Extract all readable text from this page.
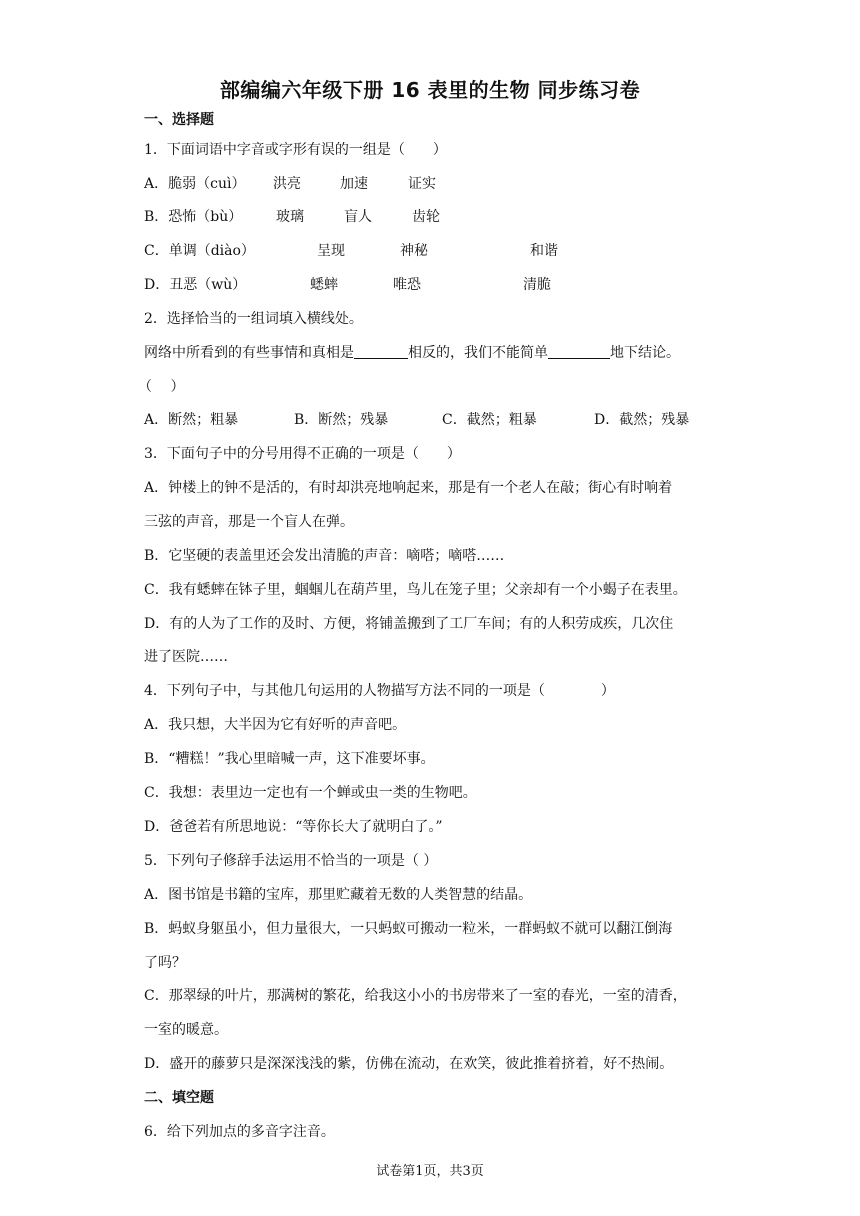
部编编六年级下册 16 表里的生物 同步练习卷
一、选择题
1．下面词语中字音或字形有误的一组是（　　）
A．脆弱（cuì） 洪亮	加速	证实
B．恐怖（bù） 玻璃	盲人	齿轮
C．单调（diào）	呈现	神秘	和谐
D．丑恶（wù）	蟋蟀	唯恐	清脆
2．选择恰当的一组词填入横线处。
网络中所看到的有些事情和真相是	相反的，我们不能简单	地下结论。
（　 ）
A．断然；粗暴	B．断然；残暴	C．截然；粗暴	D．截然；残暴
3．下面句子中的分号用得不正确的一项是（　　）
A．钟楼上的钟不是活的，有时却洪亮地响起来，那是有一个老人在敲；街心有时响着
三弦的声音，那是一个盲人在弹。
B．它坚硬的表盖里还会发出清脆的声音：嘀嗒；嘀嗒……
C．我有蟋蟀在钵子里，蝈蝈儿在葫芦里，鸟儿在笼子里；父亲却有一个小蝎子在表里。
D．有的人为了工作的及时、方便，将铺盖搬到了工厂车间；有的人积劳成疾，几次住
进了医院……
4．下列句子中，与其他几句运用的人物描写方法不同的一项是（　　　　）
A．我只想，大半因为它有好听的声音吧。
B．“糟糕！”我心里暗喊一声，这下准要坏事。
C．我想：表里边一定也有一个蝉或虫一类的生物吧。
D．爸爸若有所思地说：“等你长大了就明白了。”
5．下列句子修辞手法运用不恰当的一项是（ ）
A．图书馆是书籍的宝库，那里贮藏着无数的人类智慧的结晶。
B．蚂蚁身躯虽小，但力量很大，一只蚂蚁可搬动一粒米，一群蚂蚁不就可以翻江倒海
了吗？
C．那翠绿的叶片，那满树的繁花，给我这小小的书房带来了一室的春光，一室的清香，
一室的暖意。
D．盛开的藤萝只是深深浅浅的紫，仿佛在流动，在欢笑，彼此推着挤着，好不热闹。
二、填空题
6．给下列加点的多音字注音。
试卷第1页，共3页
